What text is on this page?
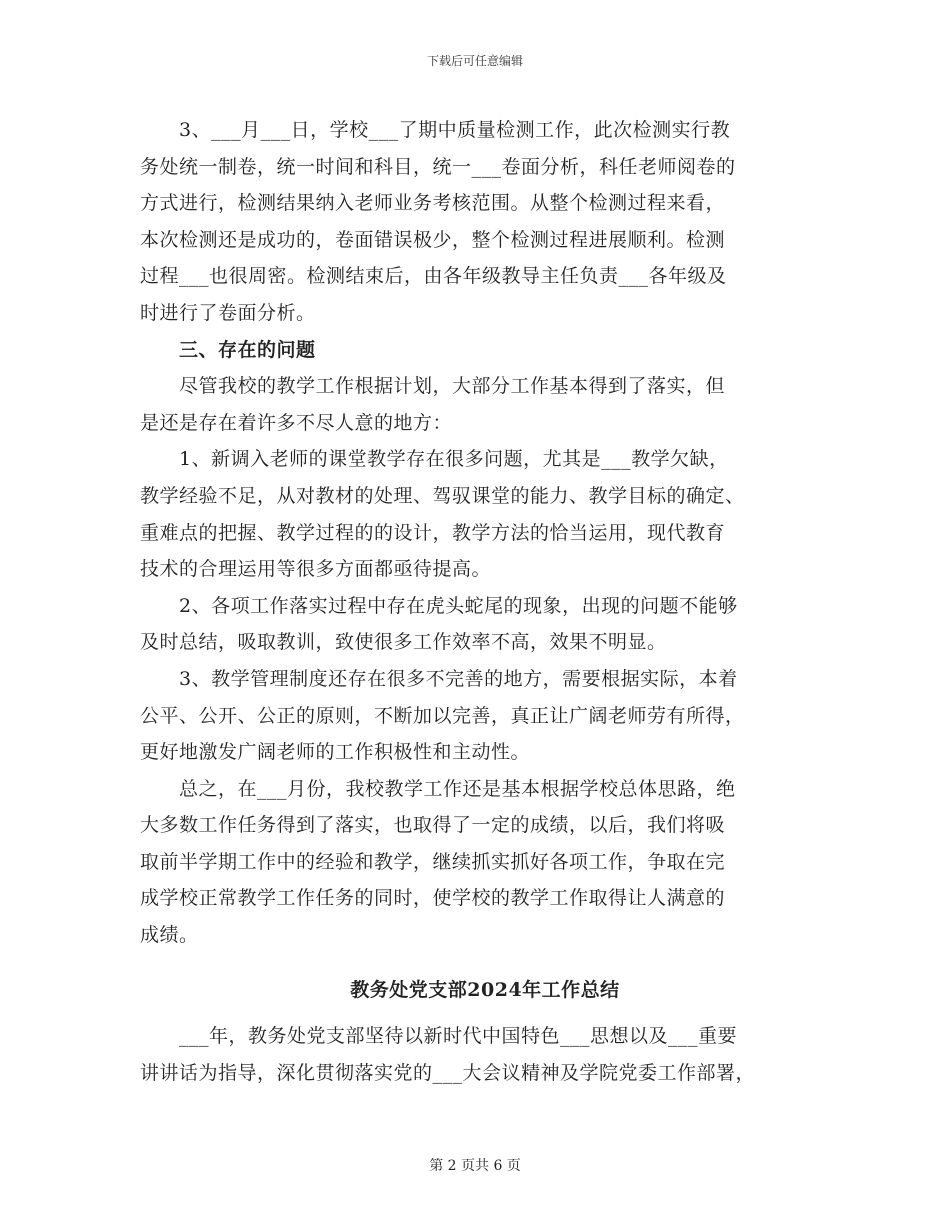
下载后可任意编辑

　　3、___月___日，学校___了期中质量检测工作，此次检测实行教
务处统一制卷，统一时间和科目，统一___卷面分析，科任老师阅卷的
方式进行，检测结果纳入老师业务考核范围。从整个检测过程来看，
本次检测还是成功的，卷面错误极少，整个检测过程进展顺利。检测
过程___也很周密。检测结束后，由各年级教导主任负责___各年级及
时进行了卷面分析。

　　三、存在的问题

　　尽管我校的教学工作根据计划，大部分工作基本得到了落实，但
是还是存在着许多不尽人意的地方：

　　1、新调入老师的课堂教学存在很多问题，尤其是___教学欠缺，
教学经验不足，从对教材的处理、驾驭课堂的能力、教学目标的确定、
重难点的把握、教学过程的的设计，教学方法的恰当运用，现代教育
技术的合理运用等很多方面都亟待提高。

　　2、各项工作落实过程中存在虎头蛇尾的现象，出现的问题不能够
及时总结，吸取教训，致使很多工作效率不高，效果不明显。

　　3、教学管理制度还存在很多不完善的地方，需要根据实际，本着
公平、公开、公正的原则，不断加以完善，真正让广阔老师劳有所得，
更好地激发广阔老师的工作积极性和主动性。

　　总之，在___月份，我校教学工作还是基本根据学校总体思路，绝
大多数工作任务得到了落实，也取得了一定的成绩，以后，我们将吸
取前半学期工作中的经验和教学，继续抓实抓好各项工作，争取在完
成学校正常教学工作任务的同时，使学校的教学工作取得让人满意的
成绩。

教务处党支部2024年工作总结

　　___年，教务处党支部坚待以新时代中国特色___思想以及___重要
讲讲话为指导，深化贯彻落实党的___大会议精神及学院党委工作部署，

第 2 页共 6 页
